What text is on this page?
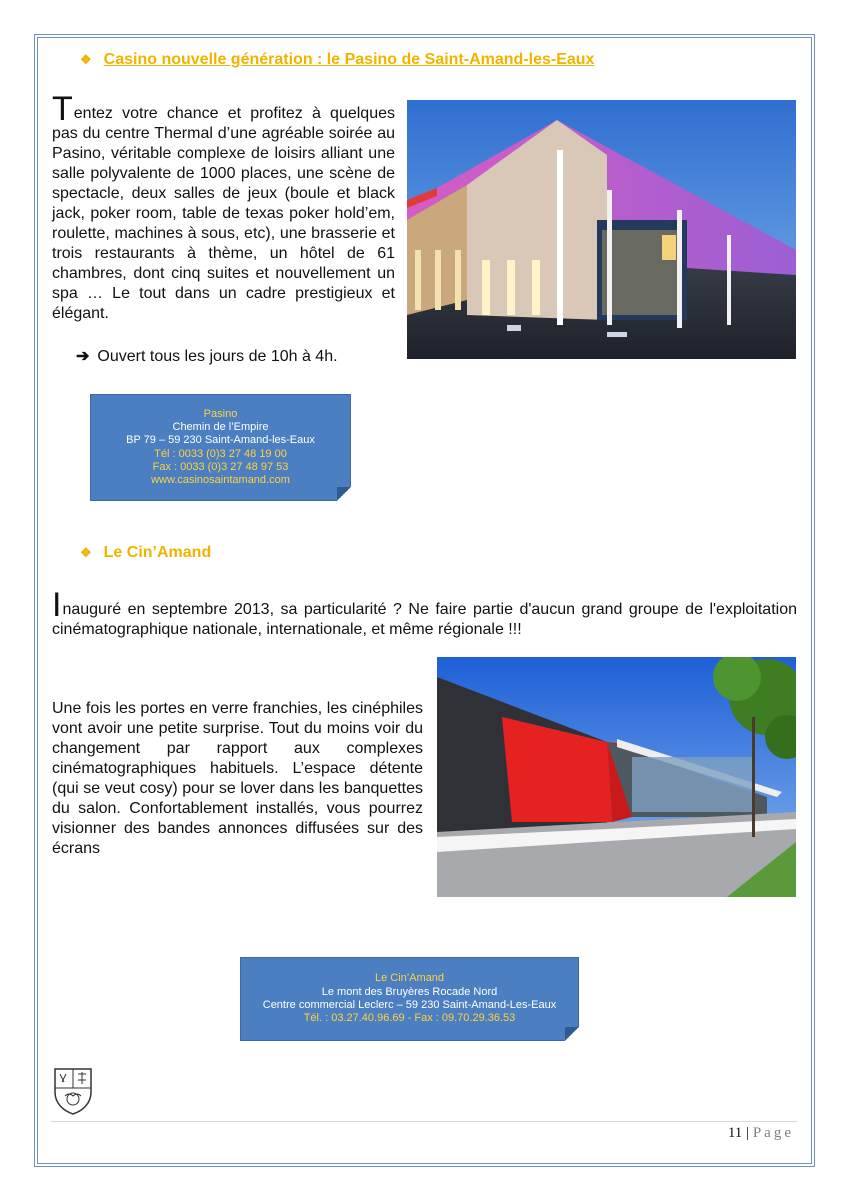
❖ Casino nouvelle génération : le Pasino de Saint-Amand-les-Eaux
Tentez votre chance et profitez à quelques pas du centre Thermal d’une agréable soirée au Pasino, véritable complexe de loisirs alliant une salle polyvalente de 1000 places, une scène de spectacle, deux salles de jeux (boule et black jack, poker room, table de texas poker hold’em, roulette, machines à sous, etc), une brasserie et trois restaurants à thème, un hôtel de 61 chambres, dont cinq suites et nouvellement un spa … Le tout dans un cadre prestigieux et élégant.
➔ Ouvert tous les jours de 10h à 4h.
Pasino
Chemin de l’Empire
BP 79 – 59 230 Saint-Amand-les-Eaux
Tél : 0033 (0)3 27 48 19 00
Fax : 0033 (0)3 27 48 97 53
www.casinosaintamand.com
❖ Le Cin’Amand
Inauguré en septembre 2013, sa particularité ? Ne faire partie d'aucun grand groupe de l'exploitation cinématographique nationale, internationale, et même régionale !!!
Une fois les portes en verre franchies, les cinéphiles vont avoir une petite surprise. Tout du moins voir du changement par rapport aux complexes cinématographiques habituels. L’espace détente (qui se veut cosy) pour se lover dans les banquettes du salon. Confortablement installés, vous pourrez visionner des bandes annonces diffusées sur des écrans
Le Cin’Amand
Le mont des Bruyères Rocade Nord
Centre commercial Leclerc – 59 230 Saint-Amand-Les-Eaux
Tél. : 03.27.40.96.69 - Fax : 09.70.29.36.53
11 | Page
